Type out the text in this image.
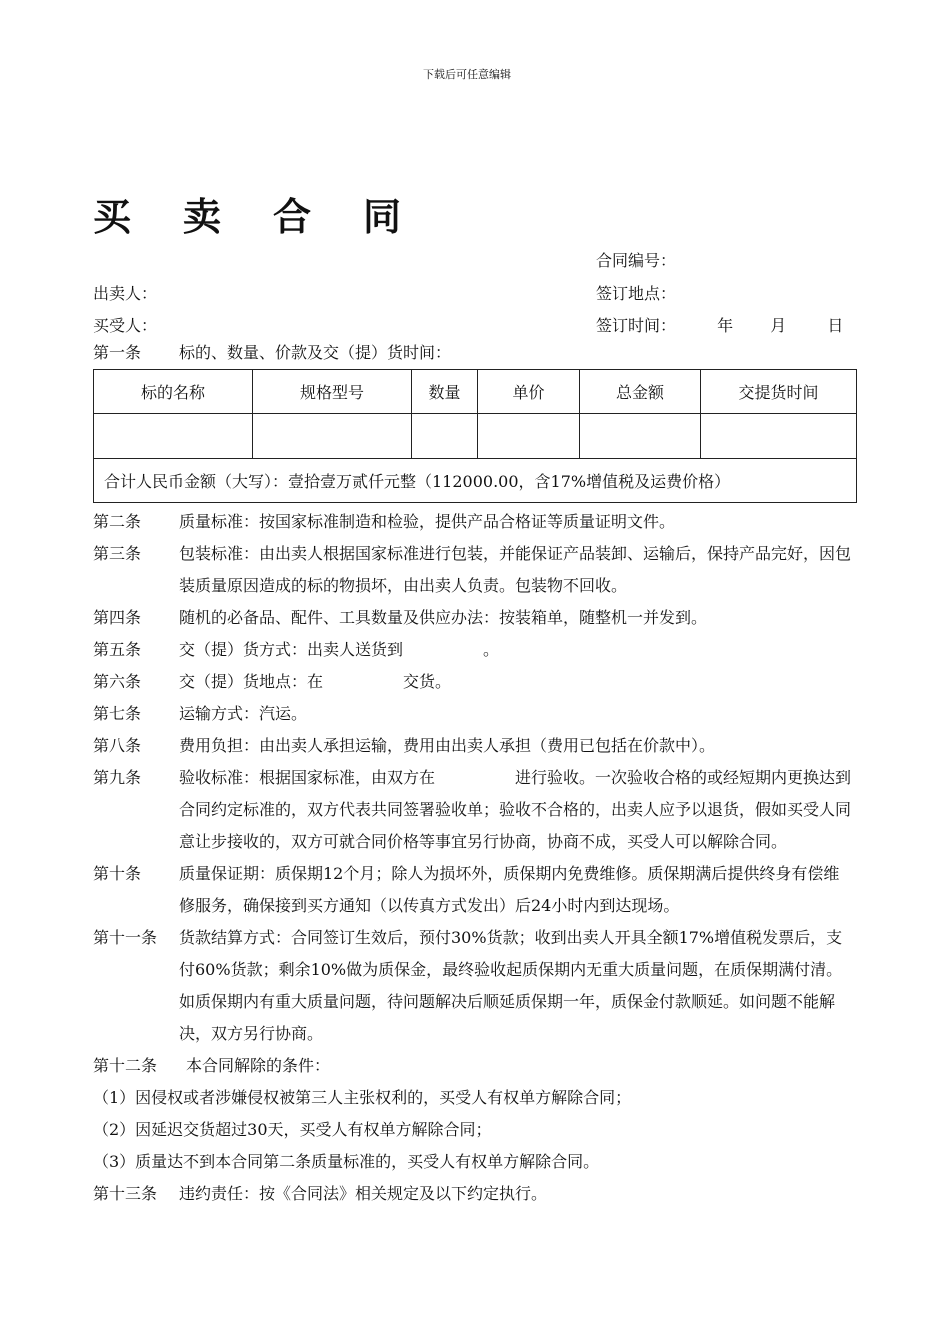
下载后可任意编辑
买 卖 合 同
合同编号：
出卖人：	签订地点：
买受人：	签订时间：	年 月	日
第一条	标的、数量、价款及交（提）货时间：
标的名称	规格型号	数量	单价	总金额	交提货时间

合计人民币金额（大写）：壹拾壹万贰仟元整（112000.00，含17%增值税及运费价格）					
第二条	质量标准：按国家标准制造和检验，提供产品合格证等质量证明文件。
第三条	包装标准：由出卖人根据国家标准进行包装，并能保证产品装卸、运输后，保持产品完好，因包装质量原因造成的标的物损坏，由出卖人负责。包装物不回收。
第四条	随机的必备品、配件、工具数量及供应办法：按装箱单，随整机一并发到。
第五条	交（提）货方式：出卖人送货到　　　　　。
第六条	交（提）货地点：在　　　　　交货。
第七条	运输方式：汽运。
第八条	费用负担：由出卖人承担运输，费用由出卖人承担（费用已包括在价款中）。
第九条	验收标准：根据国家标准，由双方在　　　　　进行验收。一次验收合格的或经短期内更换达到合同约定标准的，双方代表共同签署验收单；验收不合格的，出卖人应予以退货，假如买受人同意让步接收的，双方可就合同价格等事宜另行协商，协商不成，买受人可以解除合同。
第十条	质量保证期：质保期12个月；除人为损坏外，质保期内免费维修。质保期满后提供终身有偿维修服务，确保接到买方通知（以传真方式发出）后24小时内到达现场。
第十一条	货款结算方式：合同签订生效后，预付30%货款；收到出卖人开具全额17%增值税发票后，支付60%货款；剩余10%做为质保金，最终验收起质保期内无重大质量问题，在质保期满付清。如质保期内有重大质量问题，待问题解决后顺延质保期一年，质保金付款顺延。如问题不能解决，双方另行协商。
第十二条	本合同解除的条件：
（1）因侵权或者涉嫌侵权被第三人主张权利的，买受人有权单方解除合同；
（2）因延迟交货超过30天，买受人有权单方解除合同；
（3）质量达不到本合同第二条质量标准的，买受人有权单方解除合同。
第十三条	违约责任：按《合同法》相关规定及以下约定执行。
